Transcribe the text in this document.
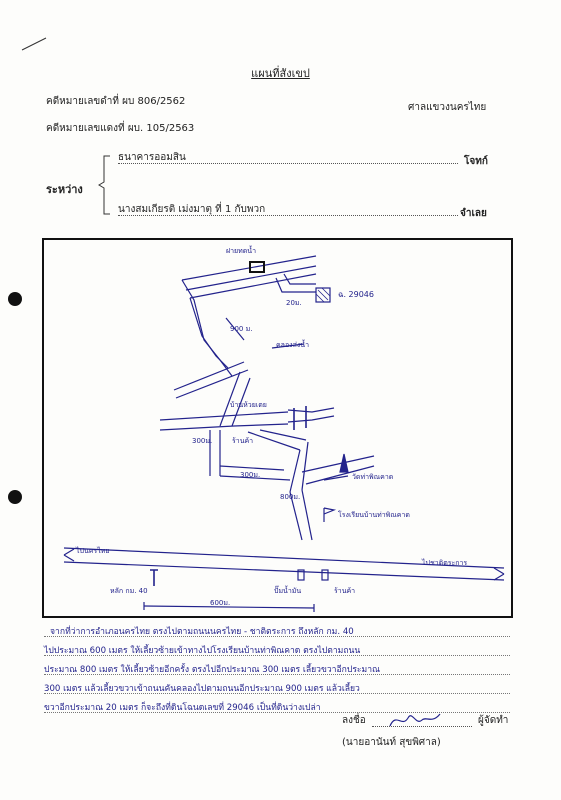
แผนที่สังเขป
คดีหมายเลขดำที่ ผบ 806/2562
ศาลแขวงนครไทย
คดีหมายเลขแดงที่ ผบ. 105/2563
ระหว่าง
ธนาคารออมสิน	โจทก์
นางสมเกียรติ เม่งมาตุ ที่ 1 กับพวก	จำเลย
ฝายทดน้ำ
ฉ. 29046
20ม.
900 ม.
คลองส่งน้ำ
บ้านห้วยเตย
300ม.	ร้านค้า
300ม.
800ม.
วัดท่าพิณคาด
โรงเรียนบ้านท่าพิณคาด
ไปนครไทย
ไปชาติตระการ
หลัก กม. 40	ปั๊มน้ำมัน	ร้านค้า
600ม.
จากที่ว่าการอำเภอนครไทย ตรงไปตามถนนนครไทย - ชาติตระการ ถึงหลัก กม. 40
ไปประมาณ 600 เมตร ให้เลี้ยวซ้ายเข้าทางไปโรงเรียนบ้านท่าพิณคาด ตรงไปตามถนน
ประมาณ 800 เมตร ให้เลี้ยวซ้ายอีกครั้ง ตรงไปอีกประมาณ 300 เมตร เลี้ยวขวาอีกประมาณ
300 เมตร แล้วเลี้ยวขวาเข้าถนนคันคลองไปตามถนนอีกประมาณ 900 เมตร แล้วเลี้ยว
ขวาอีกประมาณ 20 เมตร ก็จะถึงที่ดินโฉนดเลขที่ 29046 เป็นที่ดินว่างเปล่า
ลงชื่อ	ผู้จัดทำ
(นายอานันท์ สุขพิศาล)
